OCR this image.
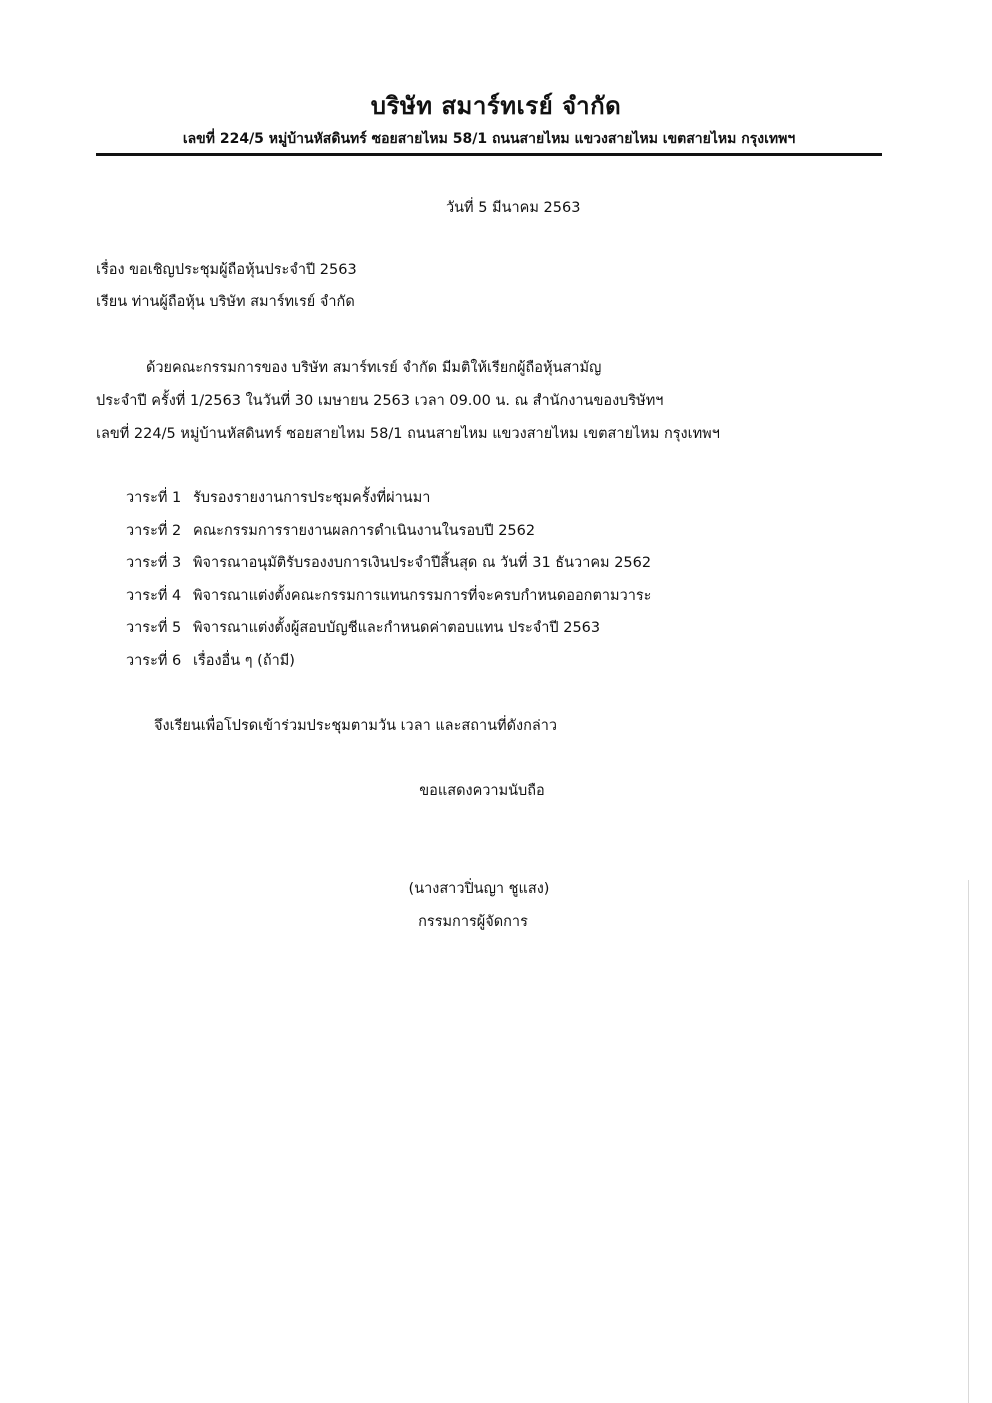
บริษัท สมาร์ทเรย์ จำกัด
เลขที่ 224/5 หมู่บ้านหัสดินทร์ ซอยสายไหม 58/1 ถนนสายไหม แขวงสายไหม เขตสายไหม กรุงเทพฯ
วันที่ 5 มีนาคม 2563
เรื่อง ขอเชิญประชุมผู้ถือหุ้นประจำปี 2563
เรียน ท่านผู้ถือหุ้น บริษัท สมาร์ทเรย์ จำกัด
ด้วยคณะกรรมการของ บริษัท สมาร์ทเรย์ จำกัด มีมติให้เรียกผู้ถือหุ้นสามัญ
ประจำปี ครั้งที่ 1/2563 ในวันที่ 30 เมษายน 2563 เวลา 09.00 น. ณ สำนักงานของบริษัทฯ
เลขที่ 224/5 หมู่บ้านหัสดินทร์ ซอยสายไหม 58/1 ถนนสายไหม แขวงสายไหม เขตสายไหม กรุงเทพฯ
วาระที่ 1 รับรองรายงานการประชุมครั้งที่ผ่านมา
วาระที่ 2 คณะกรรมการรายงานผลการดำเนินงานในรอบปี 2562
วาระที่ 3 พิจารณาอนุมัติรับรองงบการเงินประจำปีสิ้นสุด ณ วันที่ 31 ธันวาคม 2562
วาระที่ 4 พิจารณาแต่งตั้งคณะกรรมการแทนกรรมการที่จะครบกำหนดออกตามวาระ
วาระที่ 5 พิจารณาแต่งตั้งผู้สอบบัญชีและกำหนดค่าตอบแทน ประจำปี 2563
วาระที่ 6 เรื่องอื่น ๆ (ถ้ามี)
จึงเรียนเพื่อโปรดเข้าร่วมประชุมตามวัน เวลา และสถานที่ดังกล่าว
ขอแสดงความนับถือ
(นางสาวปิ่นญา ชูแสง)
กรรมการผู้จัดการ
